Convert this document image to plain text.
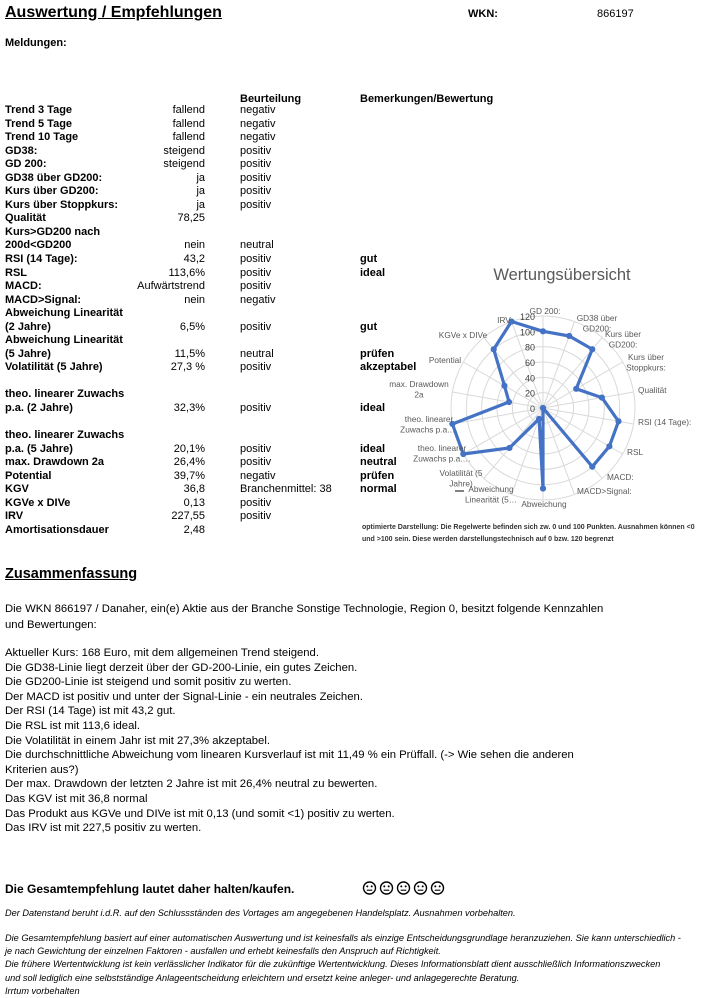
Auswertung / Empfehlungen	WKN:	866197
Meldungen:
Beurteilung	Bemerkungen/Bewertung
Trend 3 Tage	fallend	negativ
Trend 5 Tage	fallend	negativ
Trend 10 Tage	fallend	negativ
GD38:	steigend	positiv
GD 200:	steigend	positiv
GD38 über GD200:	ja	positiv
Kurs über GD200:	ja	positiv
Kurs über Stoppkurs:	ja	positiv
Qualität	78,25
Kurs>GD200 nach
200d<GD200	nein	neutral
RSI (14 Tage):	43,2	positiv	gut
RSL	113,6%	positiv	ideal
MACD:	Aufwärtstrend	positiv
MACD>Signal:	nein	negativ
Abweichung Linearität
(2 Jahre)	6,5%	positiv	gut
Abweichung Linearität
(5 Jahre)	11,5%	neutral	prüfen
Volatilität (5 Jahre)	27,3 %	positiv	akzeptabel
theo. linearer Zuwachs
p.a. (2 Jahre)	32,3%	positiv	ideal
theo. linearer Zuwachs
p.a. (5 Jahre)	20,1%	positiv	ideal
max. Drawdown 2a	26,4%	positiv	neutral
Potential	39,7%	negativ	prüfen
KGV	36,8	Branchenmittel: 38	normal
KGVe x DIVe	0,13	positiv
IRV	227,55	positiv
Amortisationsdauer	2,48
Wertungsübersicht
0
20
40
60
80
100
120
GD 200:
GD38 über GD200:
Kurs über GD200:
Kurs über Stoppkurs:
Qualität
RSI (14 Tage):
RSL
MACD:
MACD>Signal:
Abweichung
Abweichung Linearität (5…
Volatilität (5 Jahre)
theo. linearer Zuwachs p.a.…
theo. linearer Zuwachs p.a.…
max. Drawdown 2a
Potential
KGVe x DIVe
IRV
optimierte Darstellung: Die Regelwerte befinden sich zw. 0 und 100 Punkten. Ausnahmen können <0
und >100 sein. Diese werden darstellungstechnisch auf 0 bzw. 120 begrenzt
Zusammenfassung
Die WKN 866197 / Danaher, ein(e) Aktie aus der Branche Sonstige Technologie, Region 0, besitzt folgende Kennzahlen
und Bewertungen:
Aktueller Kurs: 168 Euro, mit dem allgemeinen Trend steigend.
Die GD38-Linie liegt derzeit über der GD-200-Linie, ein gutes Zeichen.
Die GD200-Linie ist steigend und somit positiv zu werten.
Der MACD ist positiv und unter der Signal-Linie - ein neutrales Zeichen.
Der RSI (14 Tage) ist mit 43,2 gut.
Die RSL ist mit 113,6 ideal.
Die Volatilität in einem Jahr ist mit 27,3% akzeptabel.
Die durchschnittliche Abweichung vom linearen Kursverlauf ist mit 11,49 % ein Prüffall. (-> Wie sehen die anderen
Kriterien aus?)
Der max. Drawdown der letzten 2 Jahre ist mit 26,4% neutral zu bewerten.
Das KGV ist mit 36,8 normal
Das Produkt aus KGVe und DIVe ist mit 0,13 (und somit <1) positiv zu werten.
Das IRV ist mit 227,5 positiv zu werten.
Die Gesamtempfehlung lautet daher halten/kaufen.
Der Datenstand beruht i.d.R. auf den Schlussständen des Vortages am angegebenen Handelsplatz. Ausnahmen vorbehalten.
Die Gesamtempfehlung basiert auf einer automatischen Auswertung und ist keinesfalls als einzige Entscheidungsgrundlage heranzuziehen. Sie kann unterschiedlich -
je nach Gewichtung der einzelnen Faktoren - ausfallen und erhebt keinesfalls den Anspruch auf Richtigkeit.
Die frühere Wertentwicklung ist kein verlässlicher Indikator für die zukünftige Wertentwicklung. Dieses Informationsblatt dient ausschließlich Informationszwecken
und soll lediglich eine selbstständige Anlageentscheidung erleichtern und ersetzt keine anleger- und anlagegerechte Beratung.
Irrtum vorbehalten
